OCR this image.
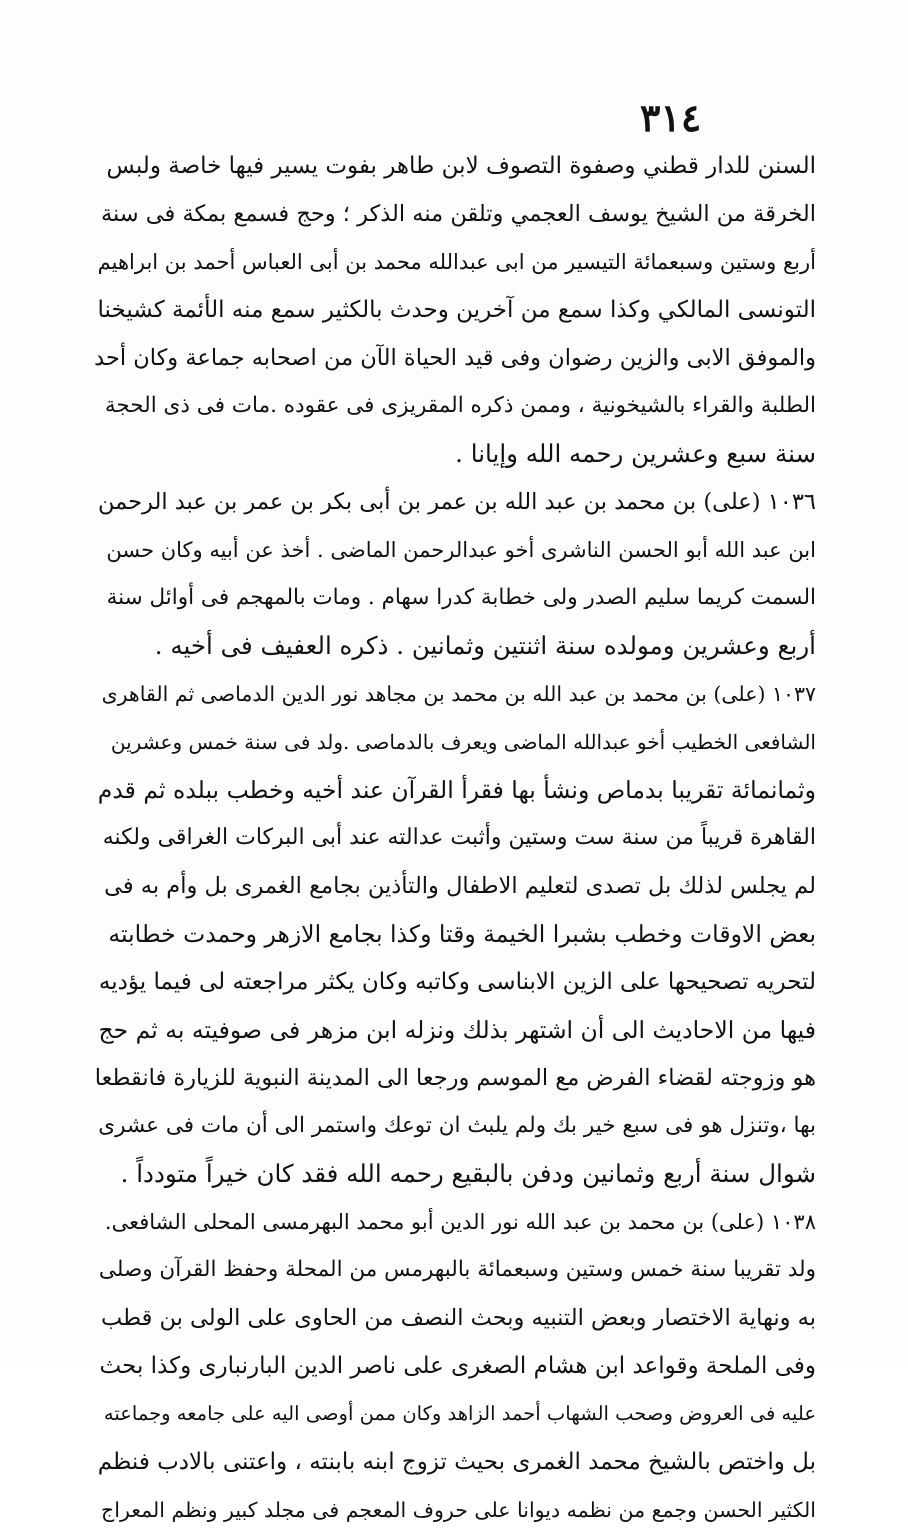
٣١٤
السنن للدار قطني وصفوة التصوف لابن طاهر بفوت يسير فيها خاصة ولبس
الخرقة من الشيخ يوسف العجمي وتلقن منه الذكر ؛ وحج فسمع بمكة فى سنة
أربع وستين وسبعمائة التيسير من ابى عبدالله محمد بن أبى العباس أحمد بن ابراهيم
التونسى المالكي وكذا سمع من آخرين وحدث بالكثير سمع منه الأئمة كشيخنا
والموفق الابى والزين رضوان وفى قيد الحياة الآن من اصحابه جماعة وكان أحد
الطلبة والقراء بالشيخونية ، وممن ذكره المقريزى فى عقوده .مات فى ذى الحجة
سنة سبع وعشرين رحمه الله وإيانا .
١٠٣٦ (على) بن محمد بن عبد الله بن عمر بن أبى بكر بن عمر بن عبد الرحمن
ابن عبد الله أبو الحسن الناشرى أخو عبدالرحمن الماضى . أخذ عن أبيه وكان حسن
السمت كريما سليم الصدر ولى خطابة كدرا سهام . ومات بالمهجم فى أوائل سنة
أربع وعشرين ومولده سنة اثنتين وثمانين . ذكره العفيف فى أخيه .
١٠٣٧ (على) بن محمد بن عبد الله بن محمد بن مجاهد نور الدين الدماصى ثم القاهرى
الشافعى الخطيب أخو عبدالله الماضى ويعرف بالدماصى .ولد فى سنة خمس وعشرين
وثمانمائة تقريبا بدماص ونشأ بها فقرأ القرآن عند أخيه وخطب ببلده ثم قدم
القاهرة قريباً من سنة ست وستين وأثبت عدالته عند أبى البركات الغراقى ولكنه
لم يجلس لذلك بل تصدى لتعليم الاطفال والتأذين بجامع الغمرى بل وأم به فى
بعض الاوقات وخطب بشبرا الخيمة وقتا وكذا بجامع الازهر وحمدت خطابته
لتحريه تصحيحها على الزين الابناسى وكاتبه وكان يكثر مراجعته لى فيما يؤديه
فيها من الاحاديث الى أن اشتهر بذلك ونزله ابن مزهر فى صوفيته به ثم حج
هو وزوجته لقضاء الفرض مع الموسم ورجعا الى المدينة النبوية للزيارة فانقطعا
بها ،وتنزل هو فى سبع خير بك ولم يلبث ان توعك واستمر الى أن مات فى عشرى
شوال سنة أربع وثمانين ودفن بالبقيع رحمه الله فقد كان خيراً متودداً .
١٠٣٨ (على) بن محمد بن عبد الله نور الدين أبو محمد البهرمسى المحلى الشافعى.
ولد تقريبا سنة خمس وستين وسبعمائة بالبهرمس من المحلة وحفظ القرآن وصلى
به ونهاية الاختصار وبعض التنبيه وبحث النصف من الحاوى على الولى بن قطب
وفى الملحة وقواعد ابن هشام الصغرى على ناصر الدين البارنبارى وكذا بحث
عليه فى العروض وصحب الشهاب أحمد الزاهد وكان ممن أوصى اليه على جامعه وجماعته
بل واختص بالشيخ محمد الغمرى بحيث تزوج ابنه بابنته ، واعتنى بالادب فنظم
الكثير الحسن وجمع من نظمه ديوانا على حروف المعجم فى مجلد كبير ونظم المعراج
